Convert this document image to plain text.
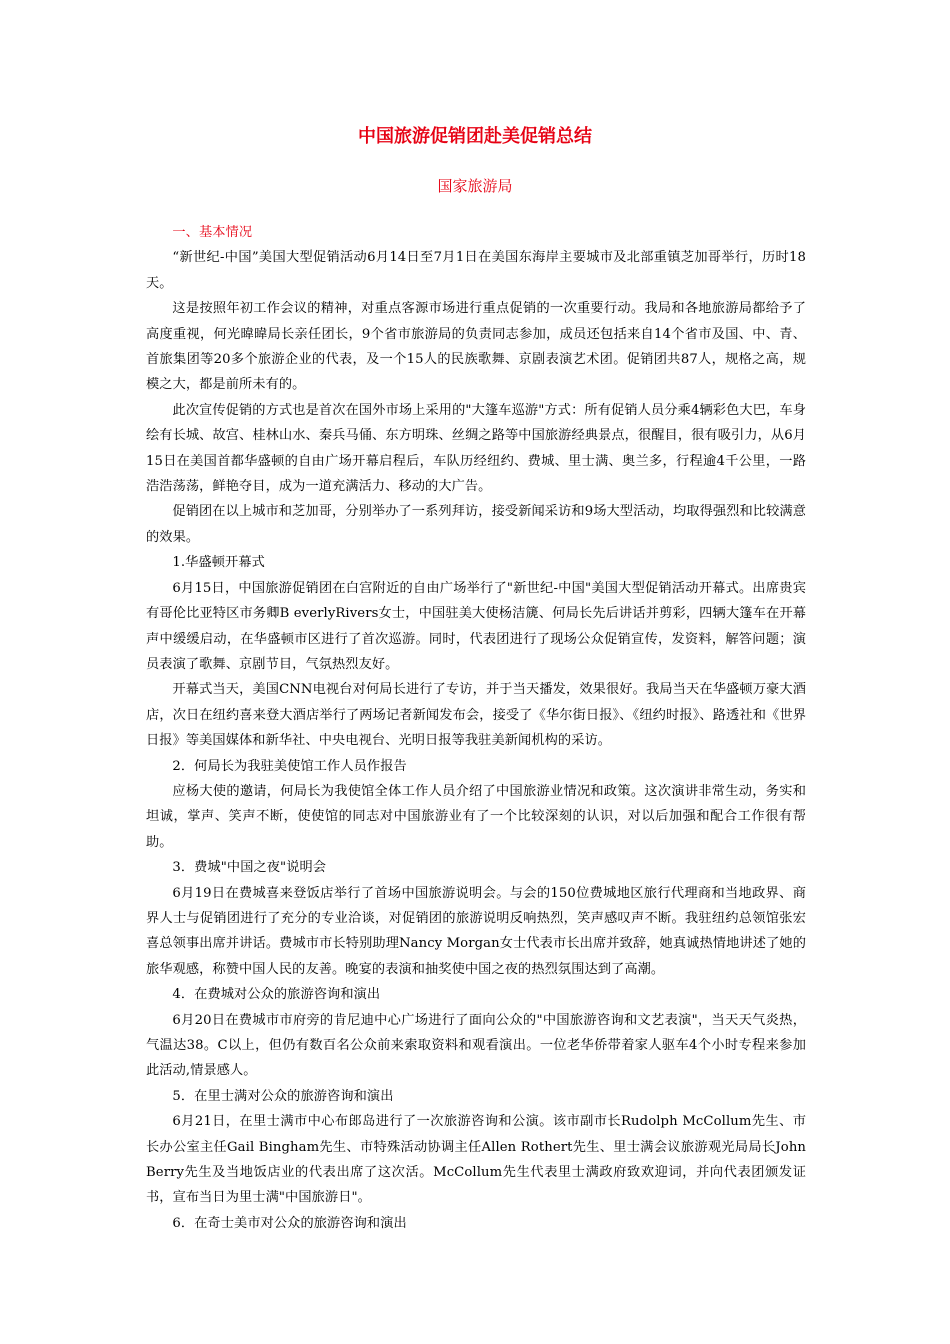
中国旅游促销团赴美促销总结
国家旅游局

一、基本情况

“新世纪-中国”美国大型促销活动6月14日至7月1日在美国东海岸主要城市及北部重镇芝加哥举行，历时18天。

这是按照年初工作会议的精神，对重点客源市场进行重点促销的一次重要行动。我局和各地旅游局都给予了高度重视，何光暐暐局长亲任团长，9个省市旅游局的负责同志参加，成员还包括来自14个省市及国、中、青、首旅集团等20多个旅游企业的代表，及一个15人的民族歌舞、京剧表演艺术团。促销团共87人，规格之高，规模之大，都是前所未有的。

此次宣传促销的方式也是首次在国外市场上采用的"大篷车巡游"方式：所有促销人员分乘4辆彩色大巴，车身绘有长城、故宫、桂林山水、秦兵马俑、东方明珠、丝绸之路等中国旅游经典景点，很醒目，很有吸引力，从6月15日在美国首都华盛顿的自由广场开幕启程后，车队历经纽约、费城、里士满、奥兰多，行程逾4千公里，一路浩浩荡荡，鲜艳夺目，成为一道充满活力、移动的大广告。

促销团在以上城市和芝加哥，分别举办了一系列拜访，接受新闻采访和9场大型活动，均取得强烈和比较满意的效果。

1.华盛顿开幕式

6月15日，中国旅游促销团在白宫附近的自由广场举行了"新世纪-中国"美国大型促销活动开幕式。出席贵宾有哥伦比亚特区市务卿B everlyRivers女士，中国驻美大使杨洁篪、何局长先后讲话并剪彩，四辆大篷车在开幕声中缓缓启动，在华盛顿市区进行了首次巡游。同时，代表团进行了现场公众促销宣传，发资料，解答问题；演员表演了歌舞、京剧节目，气氛热烈友好。

开幕式当天，美国CNN电视台对何局长进行了专访，并于当天播发，效果很好。我局当天在华盛顿万豪大酒店，次日在纽约喜来登大酒店举行了两场记者新闻发布会，接受了《华尔街日报》、《纽约时报》、路透社和《世界日报》等美国媒体和新华社、中央电视台、光明日报等我驻美新闻机构的采访。

2．何局长为我驻美使馆工作人员作报告

应杨大使的邀请，何局长为我使馆全体工作人员介绍了中国旅游业情况和政策。这次演讲非常生动，务实和坦诚，掌声、笑声不断，使使馆的同志对中国旅游业有了一个比较深刻的认识，对以后加强和配合工作很有帮助。

3．费城"中国之夜"说明会

6月19日在费城喜来登饭店举行了首场中国旅游说明会。与会的150位费城地区旅行代理商和当地政界、商界人士与促销团进行了充分的专业洽谈，对促销团的旅游说明反响热烈，笑声感叹声不断。我驻纽约总领馆张宏喜总领事出席并讲话。费城市市长特别助理Nancy Morgan女士代表市长出席并致辞，她真诚热情地讲述了她的旅华观感，称赞中国人民的友善。晚宴的表演和抽奖使中国之夜的热烈氛围达到了高潮。

4．在费城对公众的旅游咨询和演出

6月20日在费城市市府旁的肯尼迪中心广场进行了面向公众的"中国旅游咨询和文艺表演"，当天天气炎热，气温达38。C以上，但仍有数百名公众前来索取资料和观看演出。一位老华侨带着家人驱车4个小时专程来参加此活动,情景感人。

5．在里士满对公众的旅游咨询和演出

6月21日，在里士满市中心布郎岛进行了一次旅游咨询和公演。该市副市长Rudolph McCollum先生、市长办公室主任Gail Bingham先生、市特殊活动协调主任Allen Rothert先生、里士满会议旅游观光局局长John Berry先生及当地饭店业的代表出席了这次活。McCollum先生代表里士满政府致欢迎词，并向代表团颁发证书，宣布当日为里士满"中国旅游日"。

6．在奇士美市对公众的旅游咨询和演出
